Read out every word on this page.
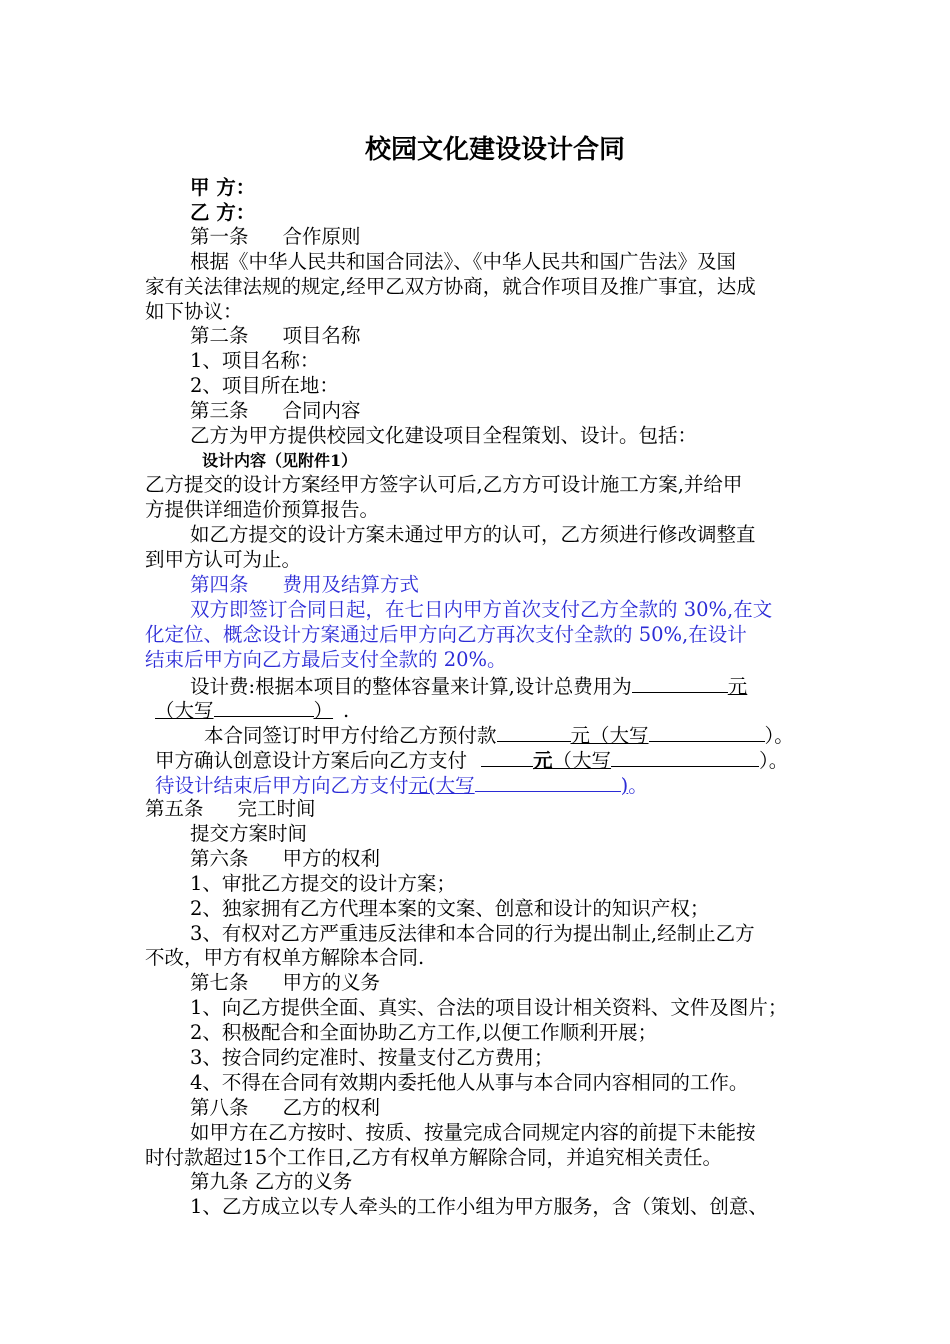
校园文化建设设计合同
甲 方：
乙 方：
第一条 合作原则
根据《中华人民共和国合同法》、《中华人民共和国广告法》及国
家有关法律法规的规定,经甲乙双方协商，就合作项目及推广事宜，达成
如下协议：
第二条 项目名称
1、项目名称：
2、项目所在地：
第三条 合同内容
乙方为甲方提供校园文化建设项目全程策划、设计。包括：
设计内容（见附件1）
乙方提交的设计方案经甲方签字认可后,乙方方可设计施工方案,并给甲
方提供详细造价预算报告。
如乙方提交的设计方案未通过甲方的认可，乙方须进行修改调整直
到甲方认可为止。
第四条 费用及结算方式
双方即签订合同日起，在七日内甲方首次支付乙方全款的 30%,在文
化定位、概念设计方案通过后甲方向乙方再次支付全款的 50%,在设计
结束后甲方向乙方最后支付全款的 20%。
设计费:根据本项目的整体容量来计算,设计总费用为	元
（大写	） .
本合同签订时甲方付给乙方预付款	元（大写	）。
甲方确认创意设计方案后向乙方支付	元（大写	）。
待设计结束后甲方向乙方支付元(大写	)。
第五条 完工时间
提交方案时间
第六条 甲方的权利
1、审批乙方提交的设计方案；
2、独家拥有乙方代理本案的文案、创意和设计的知识产权；
3、有权对乙方严重违反法律和本合同的行为提出制止,经制止乙方
不改，甲方有权单方解除本合同.
第七条 甲方的义务
1、向乙方提供全面、真实、合法的项目设计相关资料、文件及图片；
2、积极配合和全面协助乙方工作,以便工作顺利开展；
3、按合同约定准时、按量支付乙方费用；
4、不得在合同有效期内委托他人从事与本合同内容相同的工作。
第八条 乙方的权利
如甲方在乙方按时、按质、按量完成合同规定内容的前提下未能按
时付款超过15个工作日,乙方有权单方解除合同，并追究相关责任。
第九条 乙方的义务
1、乙方成立以专人牵头的工作小组为甲方服务，含（策划、创意、
